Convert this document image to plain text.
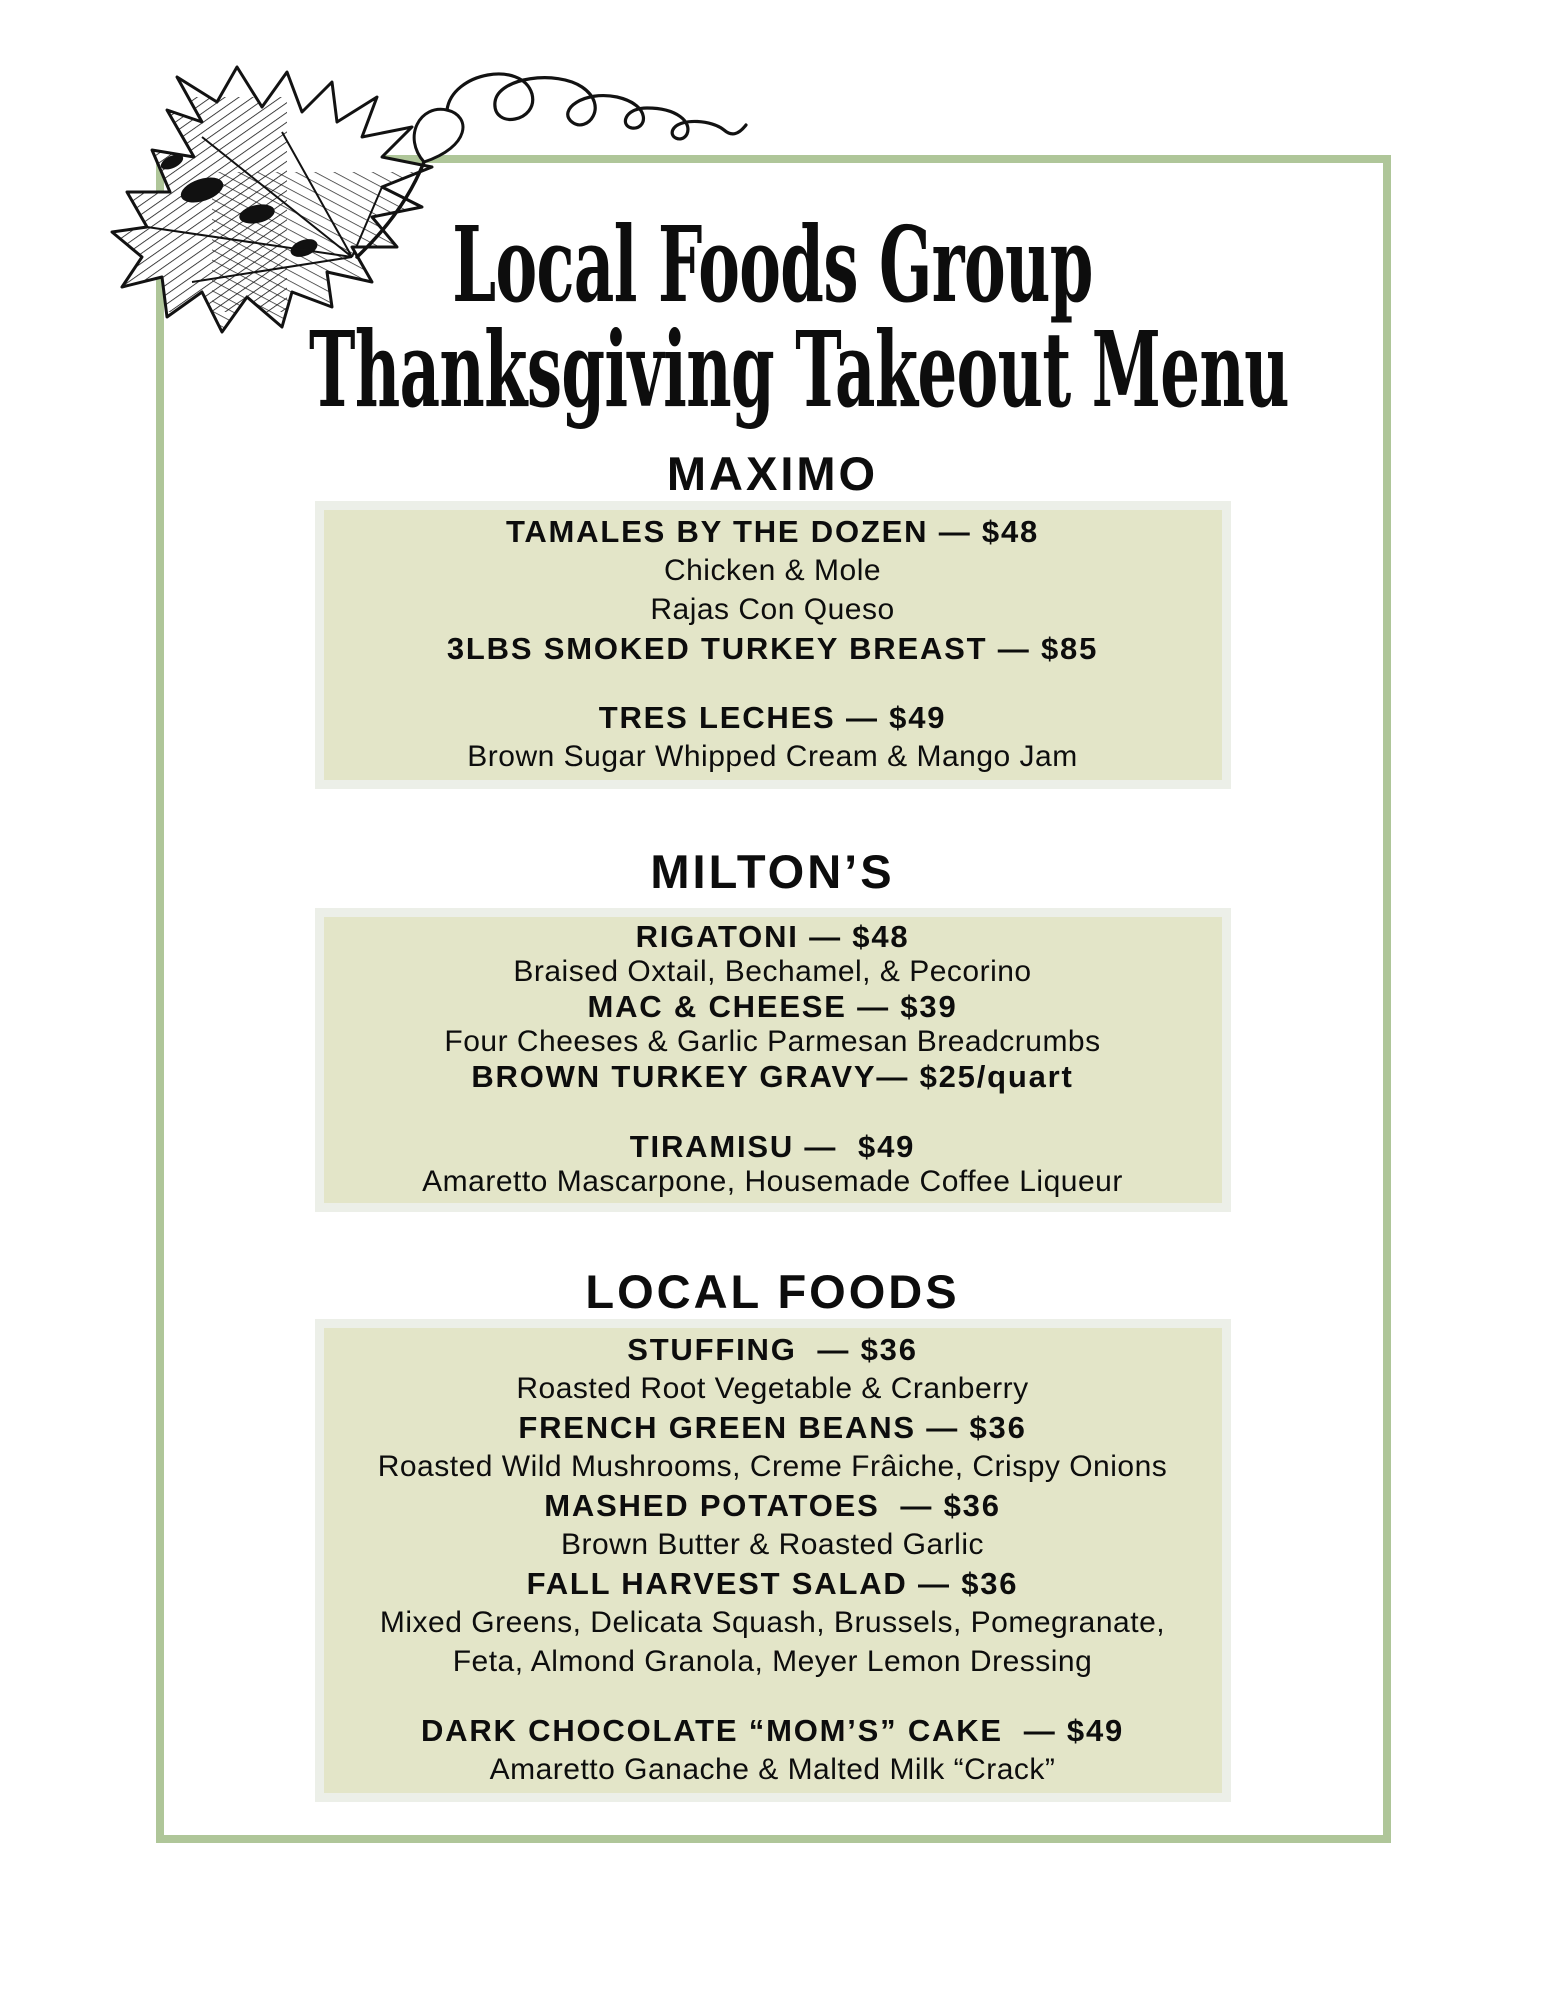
Local Foods Group
Thanksgiving Takeout Menu
MAXIMO
TAMALES BY THE DOZEN — $48
Chicken & Mole
Rajas Con Queso
3LBS SMOKED TURKEY BREAST — $85

TRES LECHES — $49
Brown Sugar Whipped Cream & Mango Jam
MILTON’S
RIGATONI — $48
Braised Oxtail, Bechamel, & Pecorino
MAC & CHEESE — $39
Four Cheeses & Garlic Parmesan Breadcrumbs
BROWN TURKEY GRAVY— $25/quart

TIRAMISU —  $49
Amaretto Mascarpone, Housemade Coffee Liqueur
LOCAL FOODS
STUFFING  — $36
Roasted Root Vegetable & Cranberry
FRENCH GREEN BEANS — $36
Roasted Wild Mushrooms, Creme Frâiche, Crispy Onions
MASHED POTATOES  — $36
Brown Butter & Roasted Garlic
FALL HARVEST SALAD — $36
Mixed Greens, Delicata Squash, Brussels, Pomegranate,
Feta, Almond Granola, Meyer Lemon Dressing

DARK CHOCOLATE “MOM’S” CAKE  — $49
Amaretto Ganache & Malted Milk “Crack”
